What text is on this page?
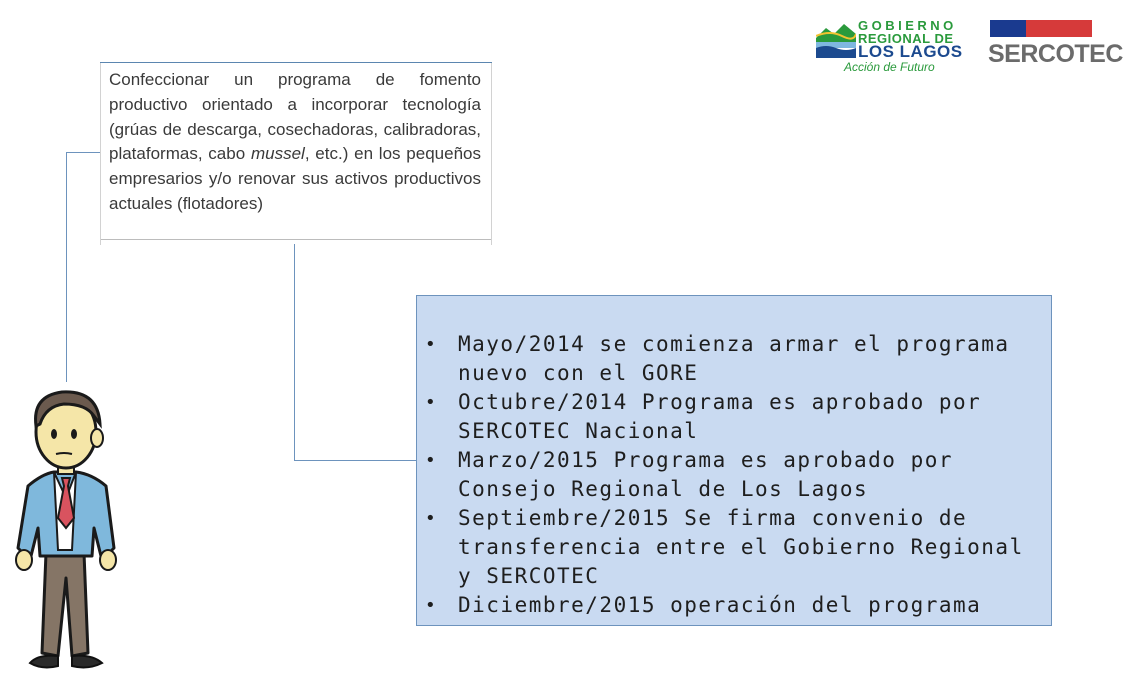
Confeccionar un programa de fomento productivo orientado a incorporar tecnología (grúas de descarga, cosechadoras, calibradoras, plataformas, cabo mussel, etc.) en los pequeños empresarios y/o renovar sus activos productivos actuales (flotadores)
• Mayo/2014 se comienza armar el programa nuevo con el GORE
• Octubre/2014 Programa es aprobado por SERCOTEC Nacional
• Marzo/2015 Programa es aprobado por Consejo Regional de Los Lagos
• Septiembre/2015 Se firma convenio de transferencia entre el Gobierno Regional y SERCOTEC
• Diciembre/2015 operación del programa
GOBIERNO
REGIONAL DE
LOS LAGOS
Acción de Futuro SERCOTEC
